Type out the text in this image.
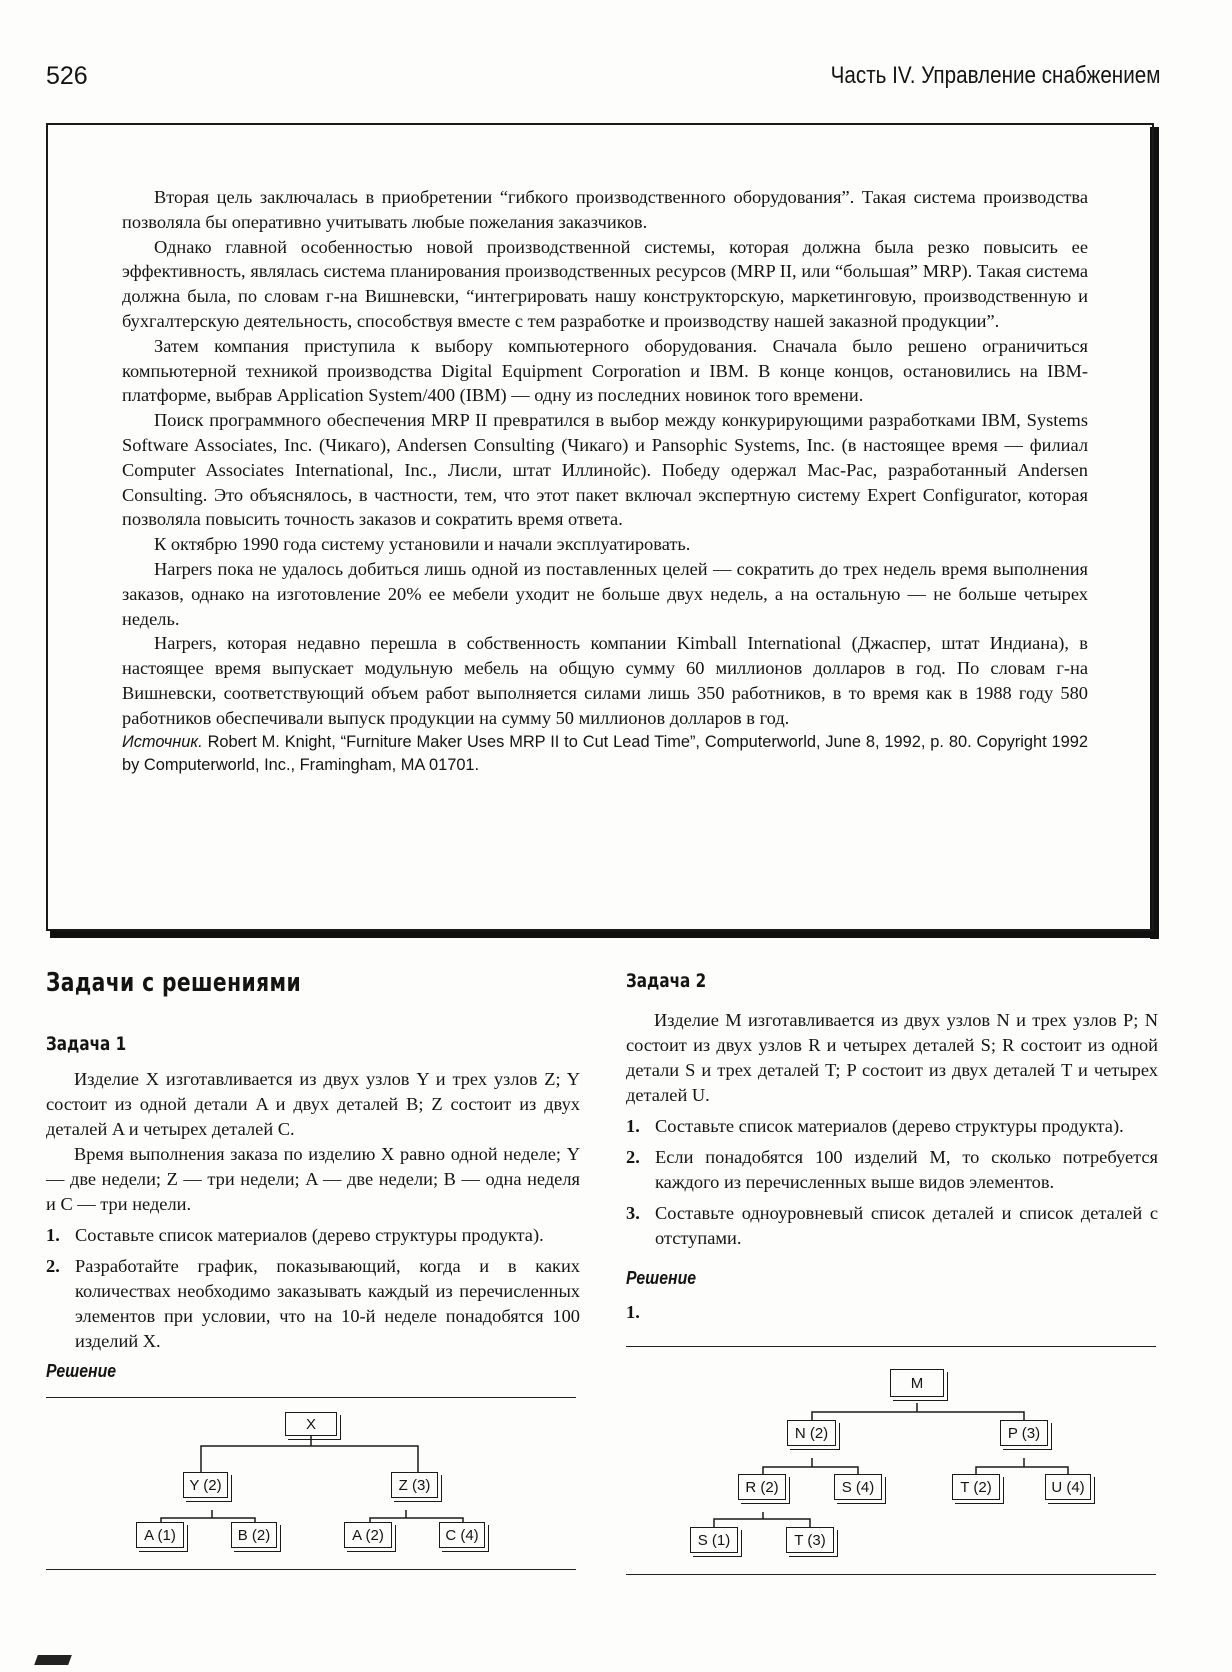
526	Часть IV. Управление снабжением

Вторая цель заключалась в приобретении “гибкого производственного оборудования”. Такая система производства позволяла бы оперативно учитывать любые пожелания заказчиков.

Однако главной особенностью новой производственной системы, которая должна была резко повысить ее эффективность, являлась система планирования производственных ресурсов (MRP II, или “большая” MRP). Такая система должна была, по словам г-на Вишневски, “интегрировать нашу конструкторскую, маркетинговую, производственную и бухгалтерскую деятельность, способствуя вместе с тем разработке и производству нашей заказной продукции”.

Затем компания приступила к выбору компьютерного оборудования. Сначала было решено ограничиться компьютерной техникой производства Digital Equipment Corporation и IBM. В конце концов, остановились на IBM-платформе, выбрав Application System/400 (IBM) — одну из последних новинок того времени.

Поиск программного обеспечения MRP II превратился в выбор между конкурирующими разработками IBM, Systems Software Associates, Inc. (Чикаго), Andersen Consulting (Чикаго) и Pansophic Systems, Inc. (в настоящее время — филиал Computer Associates International, Inc., Лисли, штат Иллинойс). Победу одержал Mac-Pac, разработанный Andersen Consulting. Это объяснялось, в частности, тем, что этот пакет включал экспертную систему Expert Configurator, которая позволяла повысить точность заказов и сократить время ответа.

К октябрю 1990 года систему установили и начали эксплуатировать.

Harpers пока не удалось добиться лишь одной из поставленных целей — сократить до трех недель время выполнения заказов, однако на изготовление 20% ее мебели уходит не больше двух недель, а на остальную — не больше четырех недель.

Harpers, которая недавно перешла в собственность компании Kimball International (Джаспер, штат Индиана), в настоящее время выпускает модульную мебель на общую сумму 60 миллионов долларов в год. По словам г-на Вишневски, соответствующий объем работ выполняется силами лишь 350 работников, в то время как в 1988 году 580 работников обеспечивали выпуск продукции на сумму 50 миллионов долларов в год.

Источник. Robert M. Knight, “Furniture Maker Uses MRP II to Cut Lead Time”, Computerworld, June 8, 1992, p. 80. Copyright 1992 by Computerworld, Inc., Framingham, MA 01701.

Задачи с решениями
Задача 1

Изделие X изготавливается из двух узлов Y и трех узлов Z; Y состоит из одной детали A и двух деталей B; Z состоит из двух деталей A и четырех деталей C.

Время выполнения заказа по изделию X равно одной неделе; Y — две недели; Z — три недели; A — две недели; B — одна неделя и C — три недели.

1. Составьте список материалов (дерево структуры продукта).
2. Разработайте график, показывающий, когда и в каких количествах необходимо заказывать каждый из перечисленных элементов при условии, что на 10-й неделе понадобятся 100 изделий X.
Решение
X
Y (2)	Z (3)
A (1)	B (2)	A (2)	C (4)
Задача 2

Изделие M изготавливается из двух узлов N и трех узлов P; N состоит из двух узлов R и четырех деталей S; R состоит из одной детали S и трех деталей T; P состоит из двух деталей T и четырех деталей U.

1. Составьте список материалов (дерево структуры продукта).
2. Если понадобятся 100 изделий M, то сколько потребуется каждого из перечисленных выше видов элементов.
3. Составьте одноуровневый список деталей и список деталей с отступами.
Решение
1.
M
N (2)	P (3)
R (2)	S (4)	T (2)	U (4)
S (1)	T (3)
